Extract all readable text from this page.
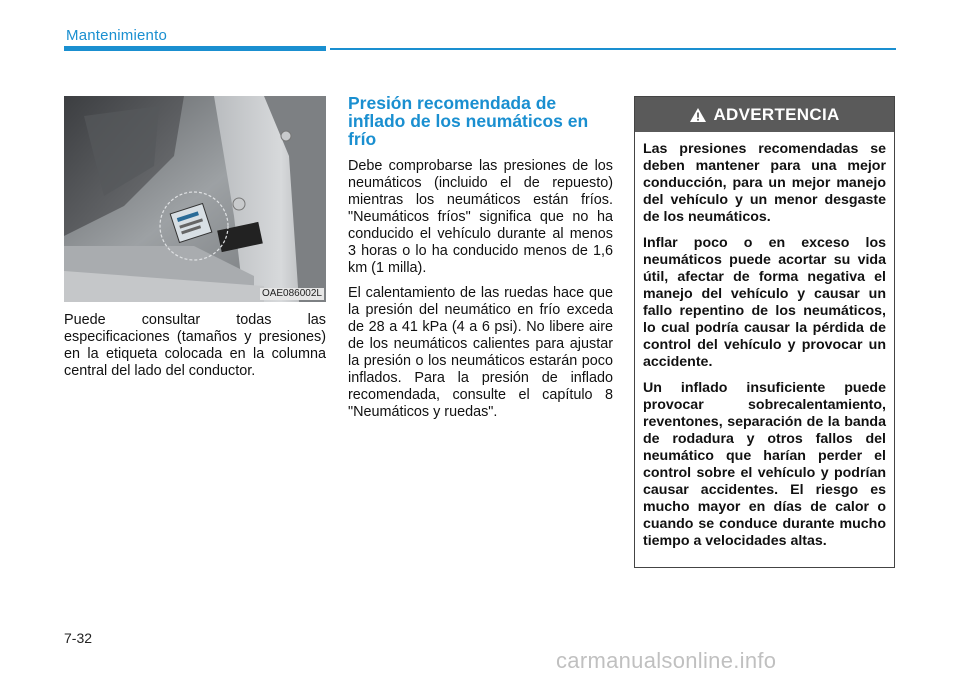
Mantenimiento
OAE086002L

Puede consultar todas las especificaciones (tamaños y presiones) en la etiqueta colocada en la columna central del lado del conductor.

Presión recomendada de inflado de los neumáticos en frío

Debe comprobarse las presiones de los neumáticos (incluido el de repuesto) mientras los neumáticos están fríos. "Neumáticos fríos" significa que no ha conducido el vehículo durante al menos 3 horas o lo ha conducido menos de 1,6 km (1 milla).

El calentamiento de las ruedas hace que la presión del neumático en frío exceda de 28 a 41 kPa (4 a 6 psi). No libere aire de los neumáticos calientes para ajustar la presión o los neumáticos estarán poco inflados. Para la presión de inflado recomendada, consulte el capítulo 8 "Neumáticos y ruedas".

ADVERTENCIA

Las presiones recomendadas se deben mantener para una mejor conducción, para un mejor manejo del vehículo y un menor desgaste de los neumáticos.

Inflar poco o en exceso los neumáticos puede acortar su vida útil, afectar de forma negativa el manejo del vehículo y causar un fallo repentino de los neumáticos, lo cual podría causar la pérdida de control del vehículo y provocar un accidente.

Un inflado insuficiente puede provocar sobrecalentamiento, reventones, separación de la banda de rodadura y otros fallos del neumático que harían perder el control sobre el vehículo y podrían causar accidentes. El riesgo es mucho mayor en días de calor o cuando se conduce durante mucho tiempo a velocidades altas.

7-32
carmanualsonline.info
